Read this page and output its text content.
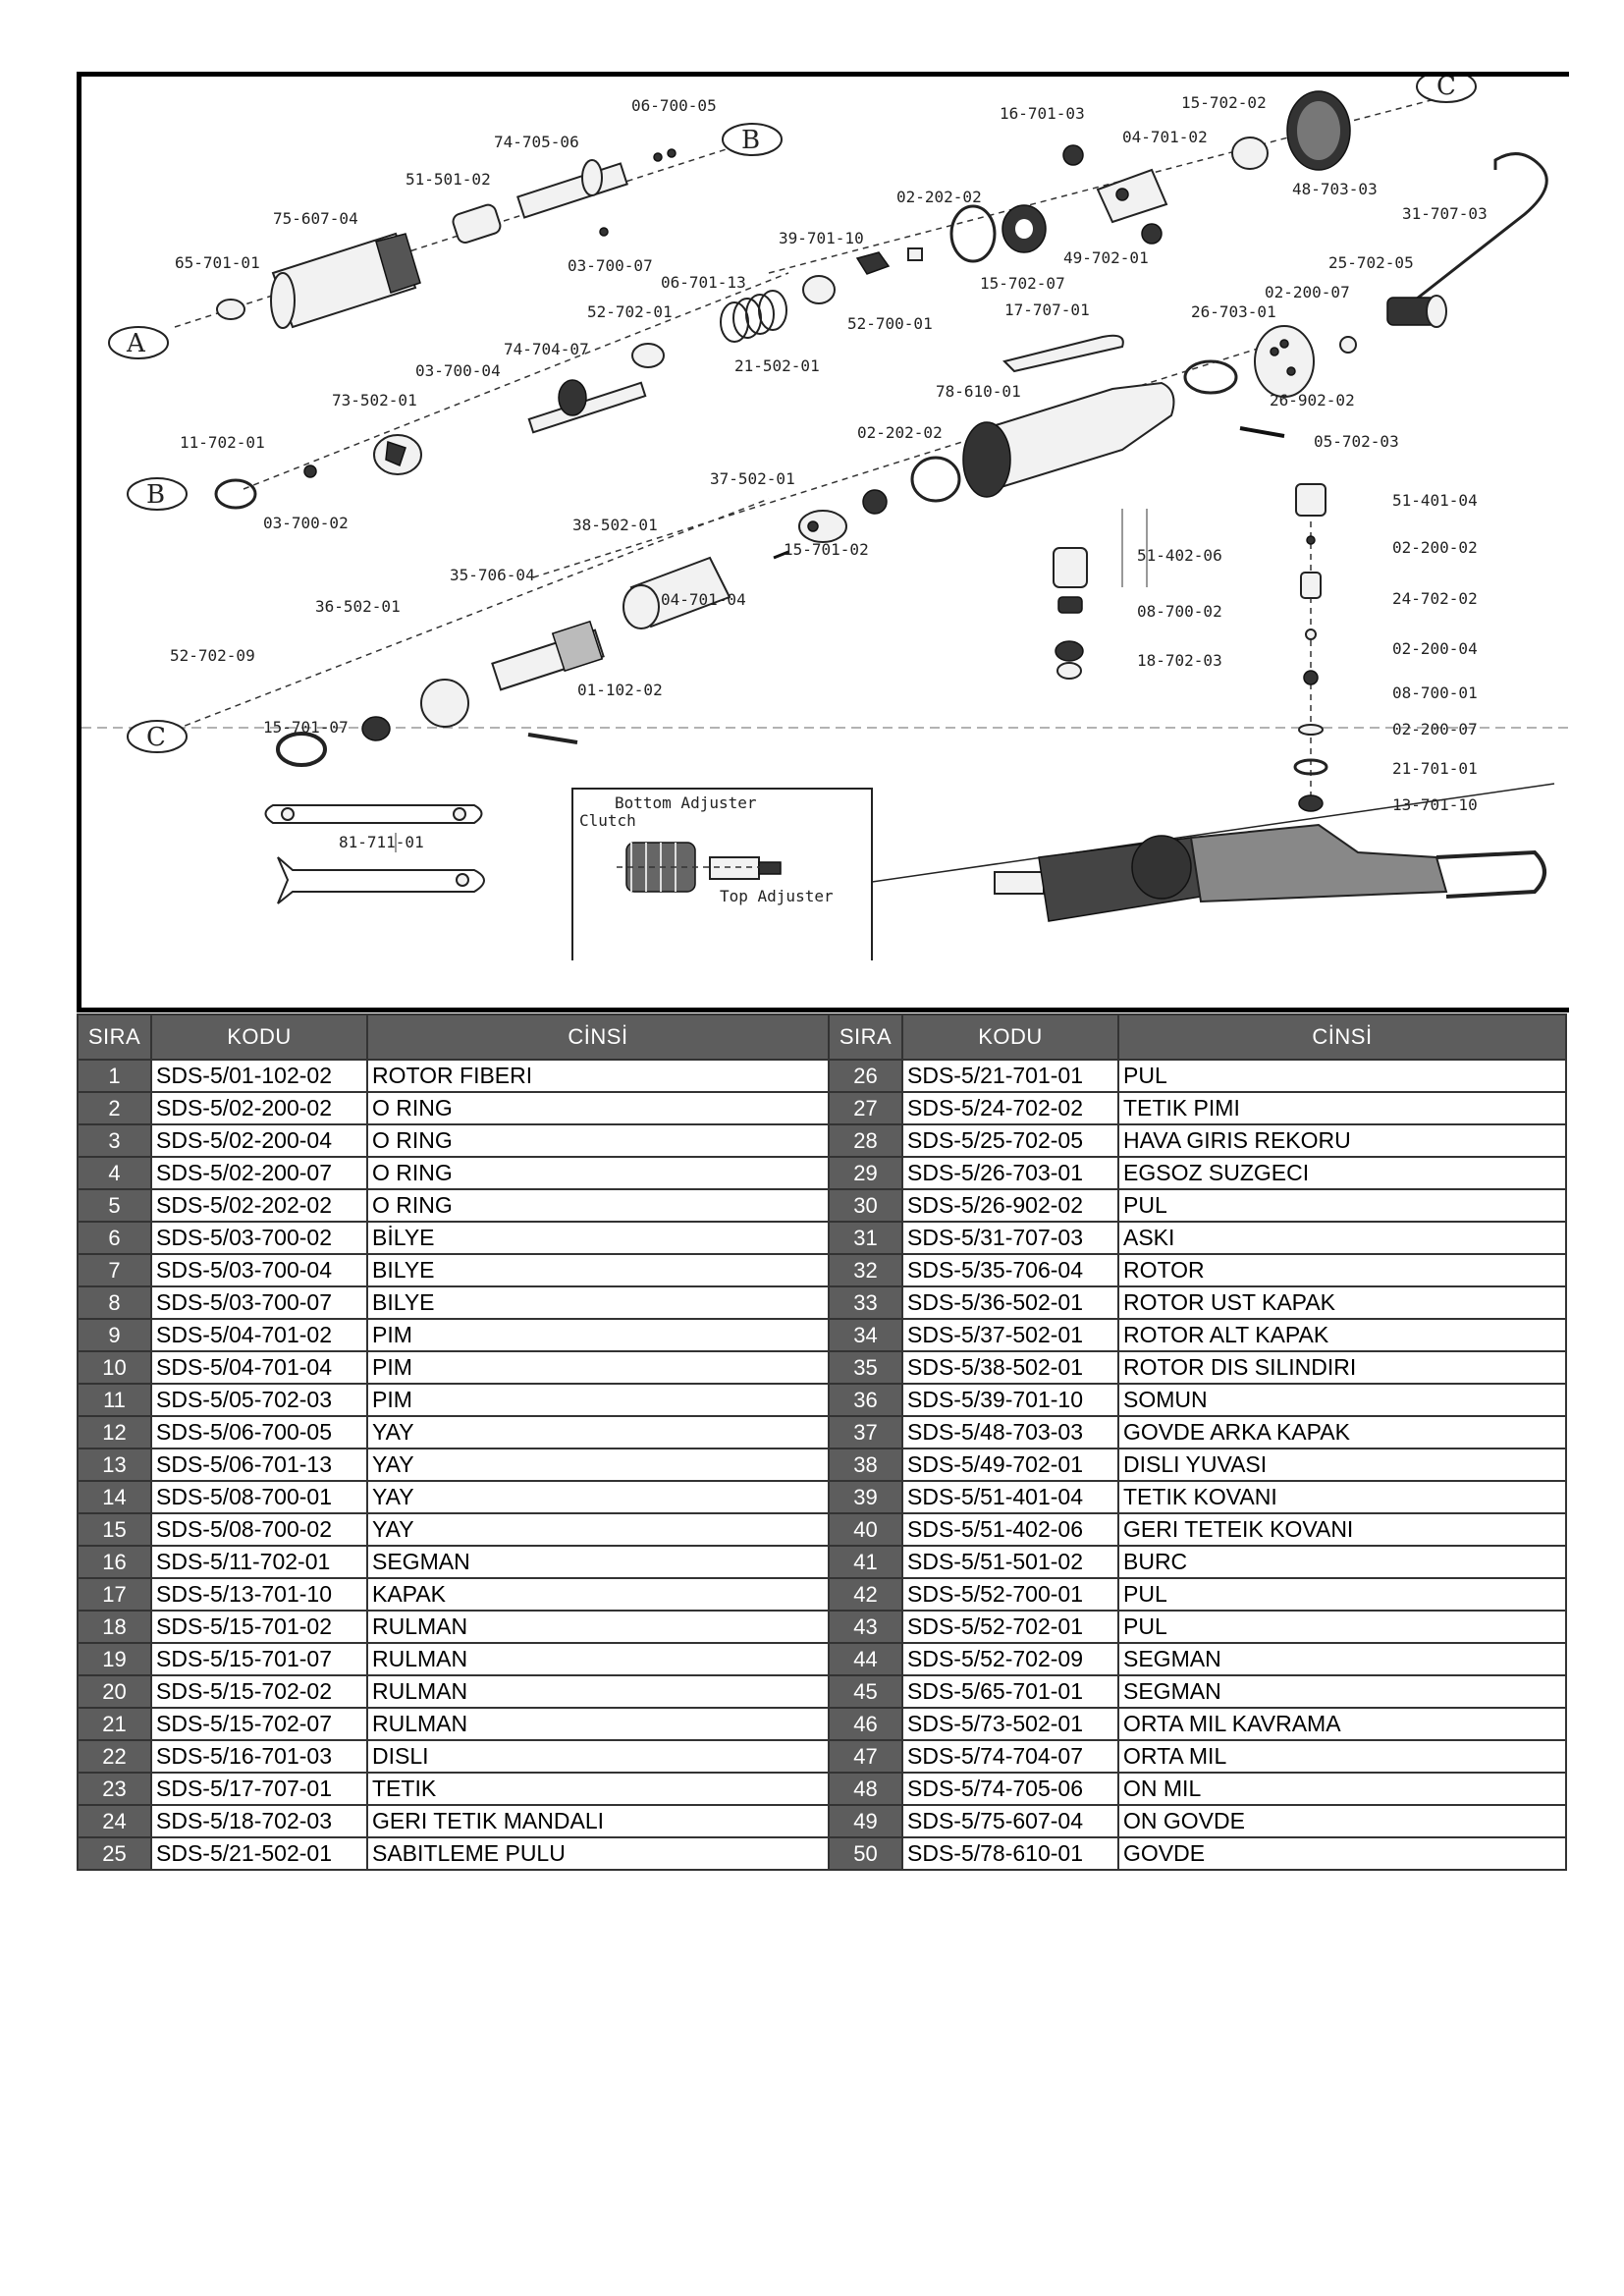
A
B
B
C
C
Bottom Adjuster
Clutch
Top Adjuster
06-700-05
74-705-06
51-501-02
75-607-04
65-701-01	03-700-07
06-701-13
52-702-01
74-704-07
03-700-04
73-502-01
11-702-01
03-700-02
39-701-10
52-700-01
21-502-01
02-202-02
15-702-07
16-701-03
04-701-02
15-702-02
49-702-01
48-703-03
31-707-03
25-702-05
02-200-07
26-703-01
26-902-02
17-707-01
78-610-01
05-702-03
51-401-04
02-200-02
24-702-02
02-200-04
08-700-01
02-200-07
21-701-01
13-701-10
51-402-06
08-700-02
18-702-03
02-202-02
37-502-01
15-701-02
38-502-01
04-701-04
35-706-04
36-502-01
01-102-02
52-702-09
15-701-07
81-711-01
SIRA	KODU	CİNSİ	SIRA	KODU	CİNSİ
1	SDS-5/01-102-02	ROTOR FIBERI	26	SDS-5/21-701-01	PUL
2	SDS-5/02-200-02	O RING	27	SDS-5/24-702-02	TETIK PIMI
3	SDS-5/02-200-04	O RING	28	SDS-5/25-702-05	HAVA GIRIS REKORU
4	SDS-5/02-200-07	O RING	29	SDS-5/26-703-01	EGSOZ SUZGECI
5	SDS-5/02-202-02	O RING	30	SDS-5/26-902-02	PUL
6	SDS-5/03-700-02	BİLYE	31	SDS-5/31-707-03	ASKI
7	SDS-5/03-700-04	BILYE	32	SDS-5/35-706-04	ROTOR
8	SDS-5/03-700-07	BILYE	33	SDS-5/36-502-01	ROTOR UST KAPAK
9	SDS-5/04-701-02	PIM	34	SDS-5/37-502-01	ROTOR ALT KAPAK
10	SDS-5/04-701-04	PIM	35	SDS-5/38-502-01	ROTOR DIS SILINDIRI
11	SDS-5/05-702-03	PIM	36	SDS-5/39-701-10	SOMUN
12	SDS-5/06-700-05	YAY	37	SDS-5/48-703-03	GOVDE ARKA KAPAK
13	SDS-5/06-701-13	YAY	38	SDS-5/49-702-01	DISLI YUVASI
14	SDS-5/08-700-01	YAY	39	SDS-5/51-401-04	TETIK KOVANI
15	SDS-5/08-700-02	YAY	40	SDS-5/51-402-06	GERI TETEIK KOVANI
16	SDS-5/11-702-01	SEGMAN	41	SDS-5/51-501-02	BURC
17	SDS-5/13-701-10	KAPAK	42	SDS-5/52-700-01	PUL
18	SDS-5/15-701-02	RULMAN	43	SDS-5/52-702-01	PUL
19	SDS-5/15-701-07	RULMAN	44	SDS-5/52-702-09	SEGMAN
20	SDS-5/15-702-02	RULMAN	45	SDS-5/65-701-01	SEGMAN
21	SDS-5/15-702-07	RULMAN	46	SDS-5/73-502-01	ORTA MIL KAVRAMA
22	SDS-5/16-701-03	DISLI	47	SDS-5/74-704-07	ORTA MIL
23	SDS-5/17-707-01	TETIK	48	SDS-5/74-705-06	ON MIL
24	SDS-5/18-702-03	GERI TETIK MANDALI	49	SDS-5/75-607-04	ON GOVDE
25	SDS-5/21-502-01	SABITLEME PULU	50	SDS-5/78-610-01	GOVDE
